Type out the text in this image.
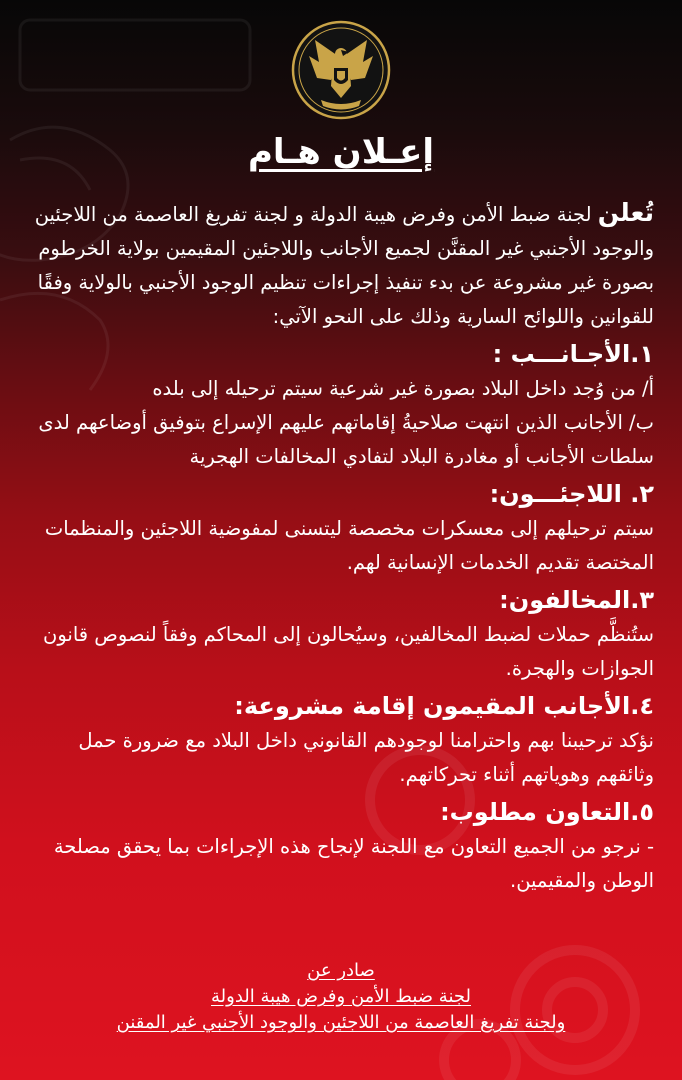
إعـلان هـام

تُعلن لجنة ضبط الأمن وفرض هيبة الدولة و لجنة تفريغ العاصمة من اللاجئين والوجود الأجنبي غير المقنَّن لجميع الأجانب واللاجئين المقيمين بولاية الخرطوم بصورة غير مشروعة عن بدء تنفيذ إجراءات تنظيم الوجود الأجنبي بالولاية وفقًا للقوانين واللوائح السارية وذلك على النحو الآتي:

١.الأجـانـــب :

أ/ من وُجد داخل البلاد بصورة غير شرعية سيتم ترحيله إلى بلده

ب/ الأجانب الذين انتهت صلاحيةُ إقاماتهم عليهم الإسراع بتوفيق أوضاعهم لدى سلطات الأجانب أو مغادرة البلاد لتفادي المخالفات الهجرية

٢. اللاجئـــون:

سيتم ترحيلهم إلى معسكرات مخصصة ليتسنى لمفوضية اللاجئين والمنظمات المختصة تقديم الخدمات الإنسانية لهم.

٣.المخالفون:

ستُنظَّم حملات لضبط المخالفين، وسيُحالون إلى المحاكم وفقاً لنصوص قانون الجوازات والهجرة.

٤.الأجانب المقيمون إقامة مشروعة:

نؤكد ترحيبنا بهم واحترامنا لوجودهم القانوني داخل البلاد مع ضرورة حمل وثائقهم وهوياتهم أثناء تحركاتهم.

٥.التعاون مطلوب:

- نرجو من الجميع التعاون مع اللجنة لإنجاح هذه الإجراءات بما يحقق مصلحة الوطن والمقيمين.

صادر عن
لجنة ضبط الأمن وفرض هيبة الدولة
ولجنة تفريغ العاصمة من اللاجئين والوجود الأجنبي غير المقنن
